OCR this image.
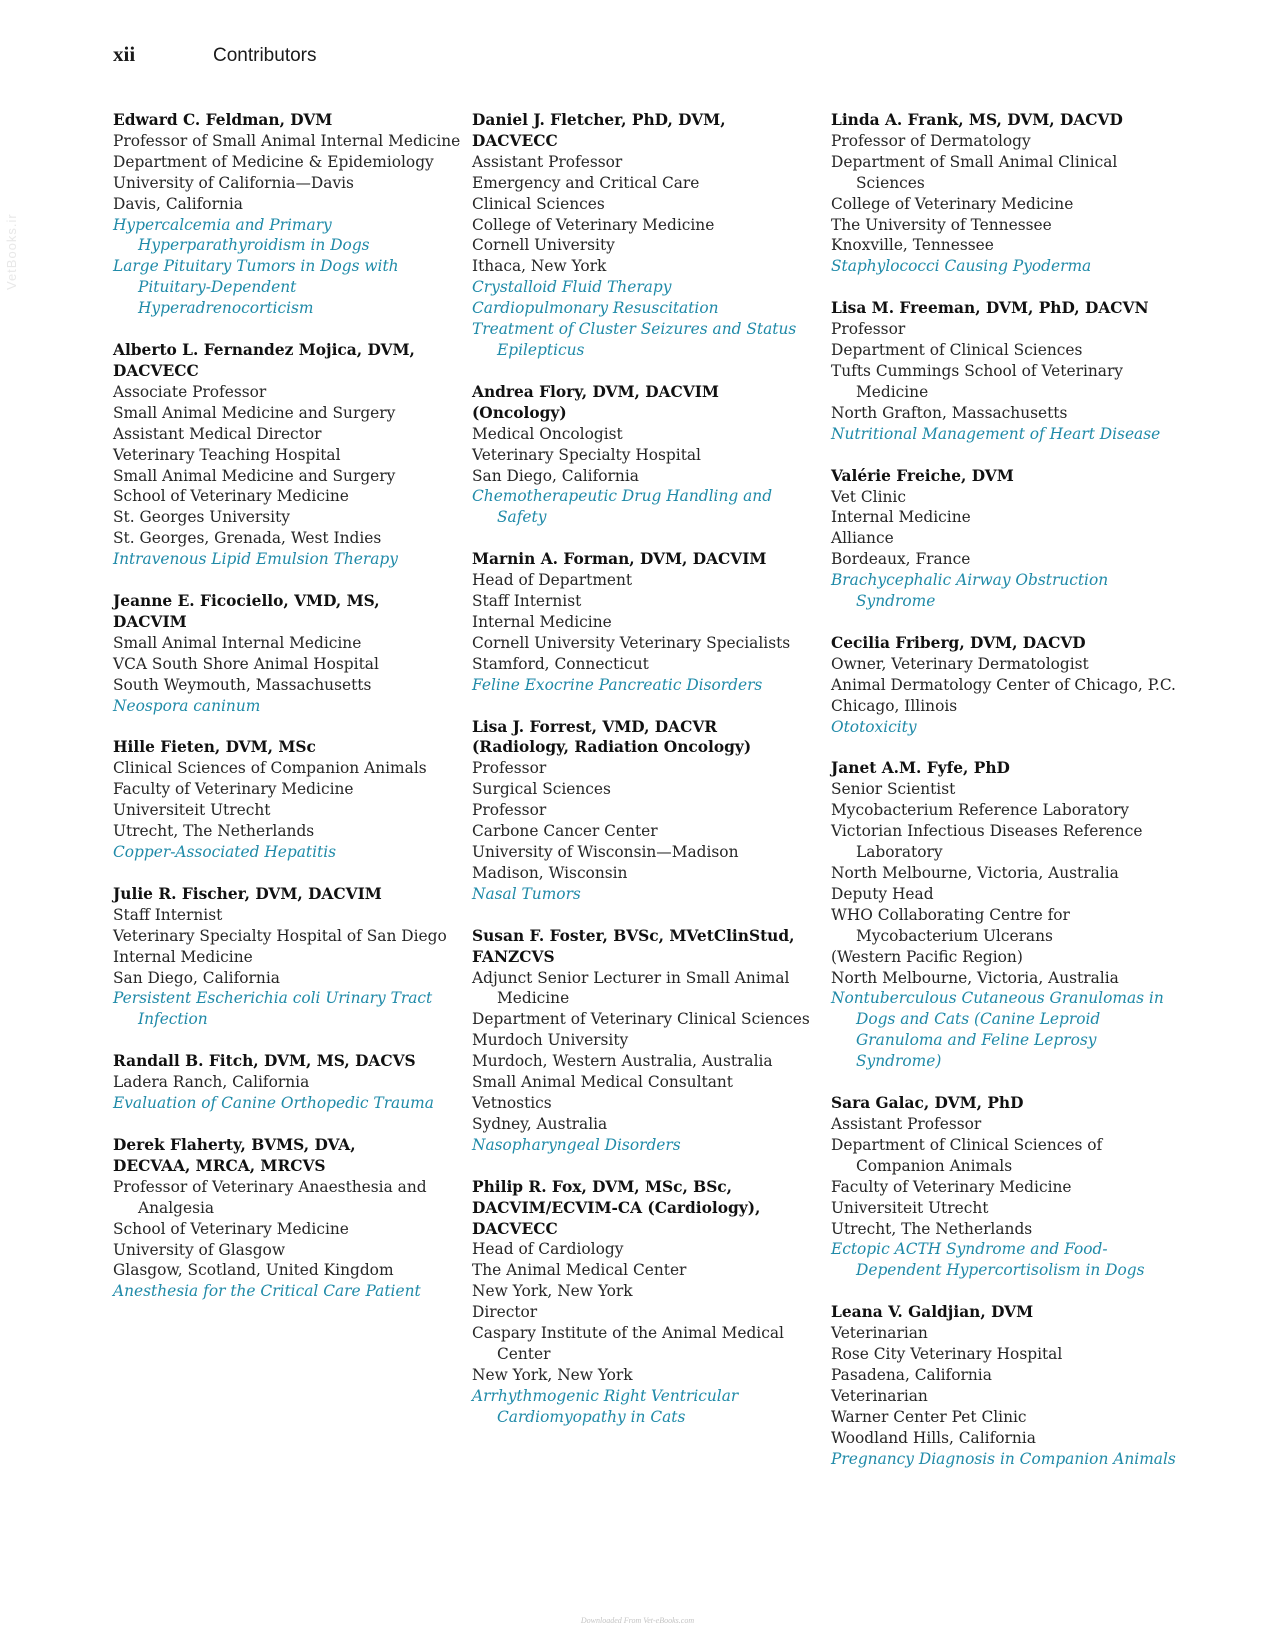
xii	Contributors
VetBooks.ir
Edward C. Feldman, DVM
Professor of Small Animal Internal Medicine
Department of Medicine & Epidemiology
University of California—Davis
Davis, California
Hypercalcemia and Primary Hyperparathyroidism in Dogs
Large Pituitary Tumors in Dogs with Pituitary-Dependent Hyperadrenocorticism
Alberto L. Fernandez Mojica, DVM,
DACVECC
Associate Professor
Small Animal Medicine and Surgery
Assistant Medical Director
Veterinary Teaching Hospital
Small Animal Medicine and Surgery
School of Veterinary Medicine
St. Georges University
St. Georges, Grenada, West Indies
Intravenous Lipid Emulsion Therapy
Jeanne E. Ficociello, VMD, MS,
DACVIM
Small Animal Internal Medicine
VCA South Shore Animal Hospital
South Weymouth, Massachusetts
Neospora caninum
Hille Fieten, DVM, MSc
Clinical Sciences of Companion Animals
Faculty of Veterinary Medicine
Universiteit Utrecht
Utrecht, The Netherlands
Copper-Associated Hepatitis
Julie R. Fischer, DVM, DACVIM
Staff Internist
Veterinary Specialty Hospital of San Diego
Internal Medicine
San Diego, California
Persistent Escherichia coli Urinary Tract Infection
Randall B. Fitch, DVM, MS, DACVS
Ladera Ranch, California
Evaluation of Canine Orthopedic Trauma
Derek Flaherty, BVMS, DVA,
DECVAA, MRCA, MRCVS
Professor of Veterinary Anaesthesia and Analgesia
School of Veterinary Medicine
University of Glasgow
Glasgow, Scotland, United Kingdom
Anesthesia for the Critical Care Patient
Daniel J. Fletcher, PhD, DVM,
DACVECC
Assistant Professor
Emergency and Critical Care
Clinical Sciences
College of Veterinary Medicine
Cornell University
Ithaca, New York
Crystalloid Fluid Therapy
Cardiopulmonary Resuscitation
Treatment of Cluster Seizures and Status Epilepticus
Andrea Flory, DVM, DACVIM
(Oncology)
Medical Oncologist
Veterinary Specialty Hospital
San Diego, California
Chemotherapeutic Drug Handling and Safety
Marnin A. Forman, DVM, DACVIM
Head of Department
Staff Internist
Internal Medicine
Cornell University Veterinary Specialists
Stamford, Connecticut
Feline Exocrine Pancreatic Disorders
Lisa J. Forrest, VMD, DACVR
(Radiology, Radiation Oncology)
Professor
Surgical Sciences
Professor
Carbone Cancer Center
University of Wisconsin—Madison
Madison, Wisconsin
Nasal Tumors
Susan F. Foster, BVSc, MVetClinStud,
FANZCVS
Adjunct Senior Lecturer in Small Animal Medicine
Department of Veterinary Clinical Sciences
Murdoch University
Murdoch, Western Australia, Australia
Small Animal Medical Consultant
Vetnostics
Sydney, Australia
Nasopharyngeal Disorders
Philip R. Fox, DVM, MSc, BSc,
DACVIM/ECVIM-CA (Cardiology),
DACVECC
Head of Cardiology
The Animal Medical Center
New York, New York
Director
Caspary Institute of the Animal Medical Center
New York, New York
Arrhythmogenic Right Ventricular Cardiomyopathy in Cats
Linda A. Frank, MS, DVM, DACVD
Professor of Dermatology
Department of Small Animal Clinical Sciences
College of Veterinary Medicine
The University of Tennessee
Knoxville, Tennessee
Staphylococci Causing Pyoderma
Lisa M. Freeman, DVM, PhD, DACVN
Professor
Department of Clinical Sciences
Tufts Cummings School of Veterinary Medicine
North Grafton, Massachusetts
Nutritional Management of Heart Disease
Valérie Freiche, DVM
Vet Clinic
Internal Medicine
Alliance
Bordeaux, France
Brachycephalic Airway Obstruction Syndrome
Cecilia Friberg, DVM, DACVD
Owner, Veterinary Dermatologist
Animal Dermatology Center of Chicago, P.C.
Chicago, Illinois
Ototoxicity
Janet A.M. Fyfe, PhD
Senior Scientist
Mycobacterium Reference Laboratory
Victorian Infectious Diseases Reference Laboratory
North Melbourne, Victoria, Australia
Deputy Head
WHO Collaborating Centre for Mycobacterium Ulcerans
(Western Pacific Region)
North Melbourne, Victoria, Australia
Nontuberculous Cutaneous Granulomas in Dogs and Cats (Canine Leproid Granuloma and Feline Leprosy Syndrome)
Sara Galac, DVM, PhD
Assistant Professor
Department of Clinical Sciences of Companion Animals
Faculty of Veterinary Medicine
Universiteit Utrecht
Utrecht, The Netherlands
Ectopic ACTH Syndrome and Food-Dependent Hypercortisolism in Dogs
Leana V. Galdjian, DVM
Veterinarian
Rose City Veterinary Hospital
Pasadena, California
Veterinarian
Warner Center Pet Clinic
Woodland Hills, California
Pregnancy Diagnosis in Companion Animals
Downloaded From Vet-eBooks.com
